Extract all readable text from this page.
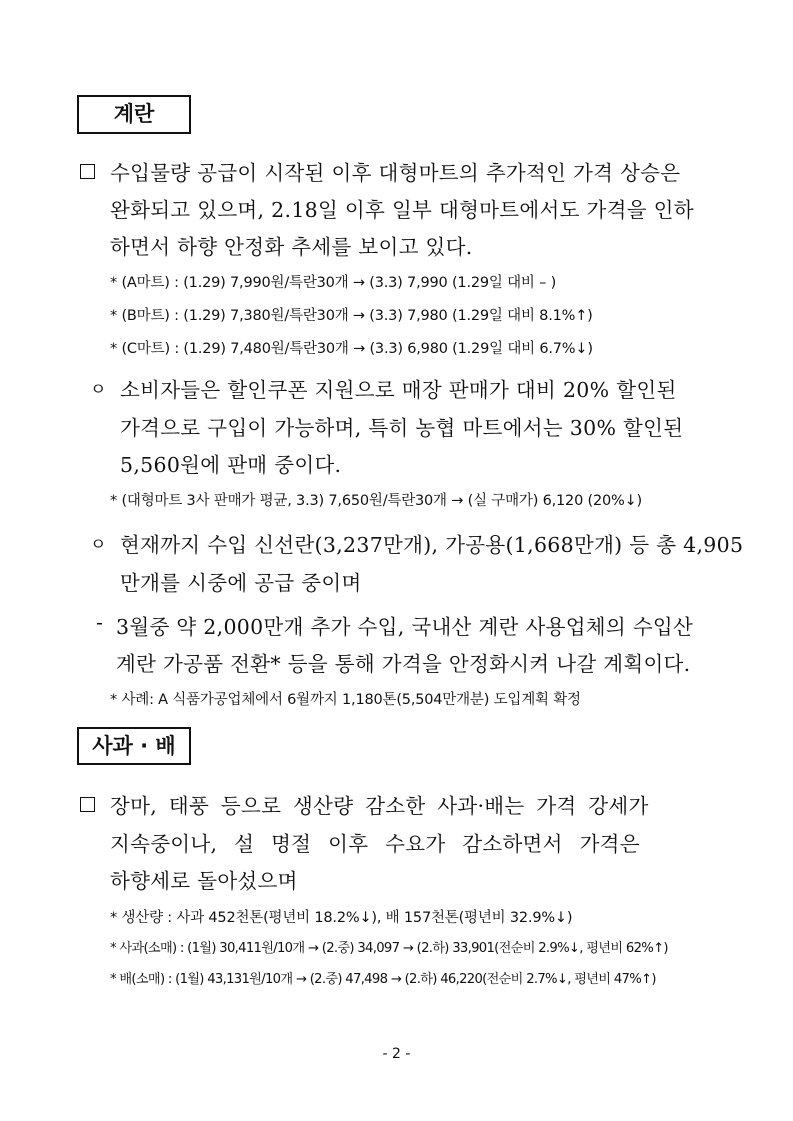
계란
수입물량 공급이 시작된 이후 대형마트의 추가적인 가격 상승은
완화되고 있으며, 2.18일 이후 일부 대형마트에서도 가격을 인하
하면서 하향 안정화 추세를 보이고 있다.
* (A마트) : (1.29) 7,990원/특란30개 → (3.3) 7,990 (1.29일 대비 – )
* (B마트) : (1.29) 7,380원/특란30개 → (3.3) 7,980 (1.29일 대비 8.1%↑)
* (C마트) : (1.29) 7,480원/특란30개 → (3.3) 6,980 (1.29일 대비 6.7%↓)
ㅇ 소비자들은 할인쿠폰 지원으로 매장 판매가 대비 20% 할인된
가격으로 구입이 가능하며, 특히 농협 마트에서는 30% 할인된
5,560원에 판매 중이다.
* (대형마트 3사 판매가 평균, 3.3) 7,650원/특란30개 → (실 구매가) 6,120 (20%↓)
ㅇ 현재까지 수입 신선란(3,237만개), 가공용(1,668만개) 등 총 4,905
만개를 시중에 공급 중이며
- 3월중 약 2,000만개 추가 수입, 국내산 계란 사용업체의 수입산
계란 가공품 전환* 등을 통해 가격을 안정화시켜 나갈 계획이다.
* 사례: A 식품가공업체에서 6월까지 1,180톤(5,504만개분) 도입계획 확정
사과 · 배
장마, 태풍 등으로 생산량 감소한 사과·배는 가격 강세가
지속중이나, 설 명절 이후 수요가 감소하면서 가격은
하향세로 돌아섰으며
* 생산량 : 사과 452천톤(평년비 18.2%↓), 배 157천톤(평년비 32.9%↓)
* 사과(소매) : (1월) 30,411원/10개 → (2.중) 34,097 → (2.하) 33,901(전순비 2.9%↓, 평년비 62%↑)
* 배(소매) : (1월) 43,131원/10개 → (2.중) 47,498 → (2.하) 46,220(전순비 2.7%↓, 평년비 47%↑)
- 2 -
